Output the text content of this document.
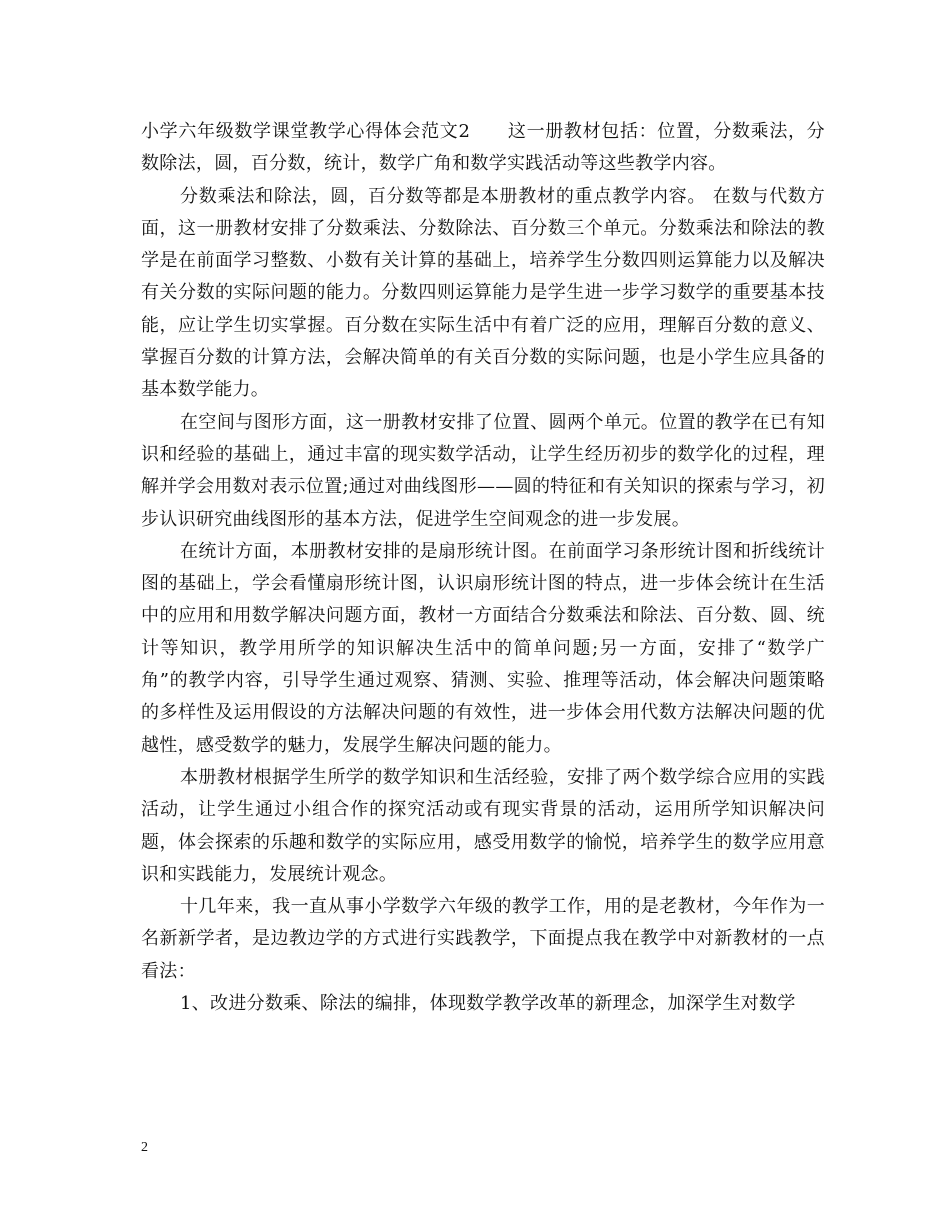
小学六年级数学课堂教学心得体会范文2　　这一册教材包括：位置，分数乘法，分数除法，圆，百分数，统计，数学广角和数学实践活动等这些教学内容。

分数乘法和除法，圆，百分数等都是本册教材的重点教学内容。 在数与代数方面，这一册教材安排了分数乘法、分数除法、百分数三个单元。分数乘法和除法的教学是在前面学习整数、小数有关计算的基础上，培养学生分数四则运算能力以及解决有关分数的实际问题的能力。分数四则运算能力是学生进一步学习数学的重要基本技能，应让学生切实掌握。百分数在实际生活中有着广泛的应用，理解百分数的意义、掌握百分数的计算方法，会解决简单的有关百分数的实际问题，也是小学生应具备的基本数学能力。

在空间与图形方面，这一册教材安排了位置、圆两个单元。位置的教学在已有知识和经验的基础上，通过丰富的现实数学活动，让学生经历初步的数学化的过程，理解并学会用数对表示位置;通过对曲线图形——圆的特征和有关知识的探索与学习，初步认识研究曲线图形的基本方法，促进学生空间观念的进一步发展。

在统计方面，本册教材安排的是扇形统计图。在前面学习条形统计图和折线统计图的基础上，学会看懂扇形统计图，认识扇形统计图的特点，进一步体会统计在生活中的应用和用数学解决问题方面，教材一方面结合分数乘法和除法、百分数、圆、统计等知识，教学用所学的知识解决生活中的简单问题;另一方面，安排了“数学广角”的教学内容，引导学生通过观察、猜测、实验、推理等活动，体会解决问题策略的多样性及运用假设的方法解决问题的有效性，进一步体会用代数方法解决问题的优越性，感受数学的魅力，发展学生解决问题的能力。

本册教材根据学生所学的数学知识和生活经验，安排了两个数学综合应用的实践活动，让学生通过小组合作的探究活动或有现实背景的活动，运用所学知识解决问题，体会探索的乐趣和数学的实际应用，感受用数学的愉悦，培养学生的数学应用意识和实践能力，发展统计观念。

十几年来，我一直从事小学数学六年级的教学工作，用的是老教材，今年作为一名新新学者，是边教边学的方式进行实践教学，下面提点我在教学中对新教材的一点看法：

1、改进分数乘、除法的编排，体现数学教学改革的新理念，加深学生对数学

2
